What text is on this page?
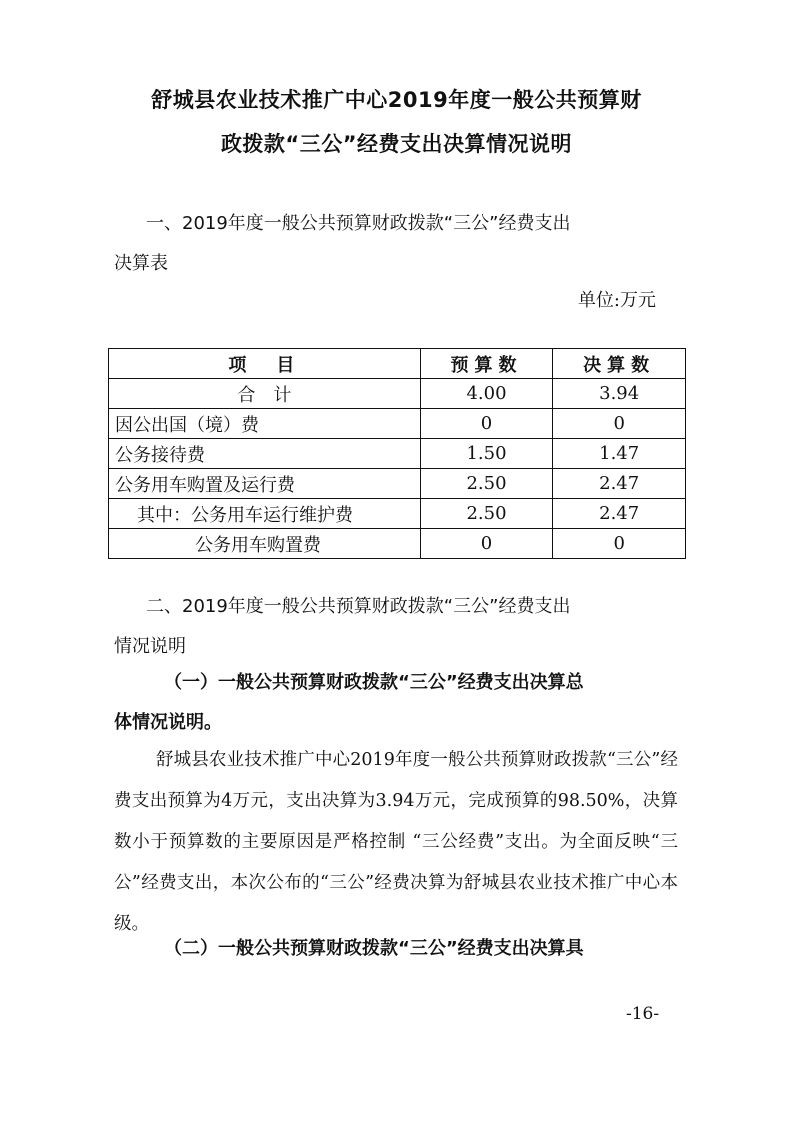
舒城县农业技术推广中心2019年度一般公共预算财
政拨款“三公”经费支出决算情况说明
一、2019年度一般公共预算财政拨款“三公”经费支出
决算表
单位:万元
项　目	预算数	决算数
合　计	4.00	3.94
因公出国（境）费	0	0
公务接待费	1.50	1.47
公务用车购置及运行费	2.50	2.47
其中：公务用车运行维护费	2.50	2.47
公务用车购置费	0	0
二、2019年度一般公共预算财政拨款“三公”经费支出
情况说明
（一）一般公共预算财政拨款“三公”经费支出决算总
体情况说明。

舒城县农业技术推广中心2019年度一般公共预算财政拨款“三公”经费支出预算为4万元，支出决算为3.94万元，完成预算的98.50%，决算数小于预算数的主要原因是严格控制 “三公经费”支出。为全面反映“三公”经费支出，本次公布的“三公”经费决算为舒城县农业技术推广中心本级。

（二）一般公共预算财政拨款“三公”经费支出决算具
-16-
